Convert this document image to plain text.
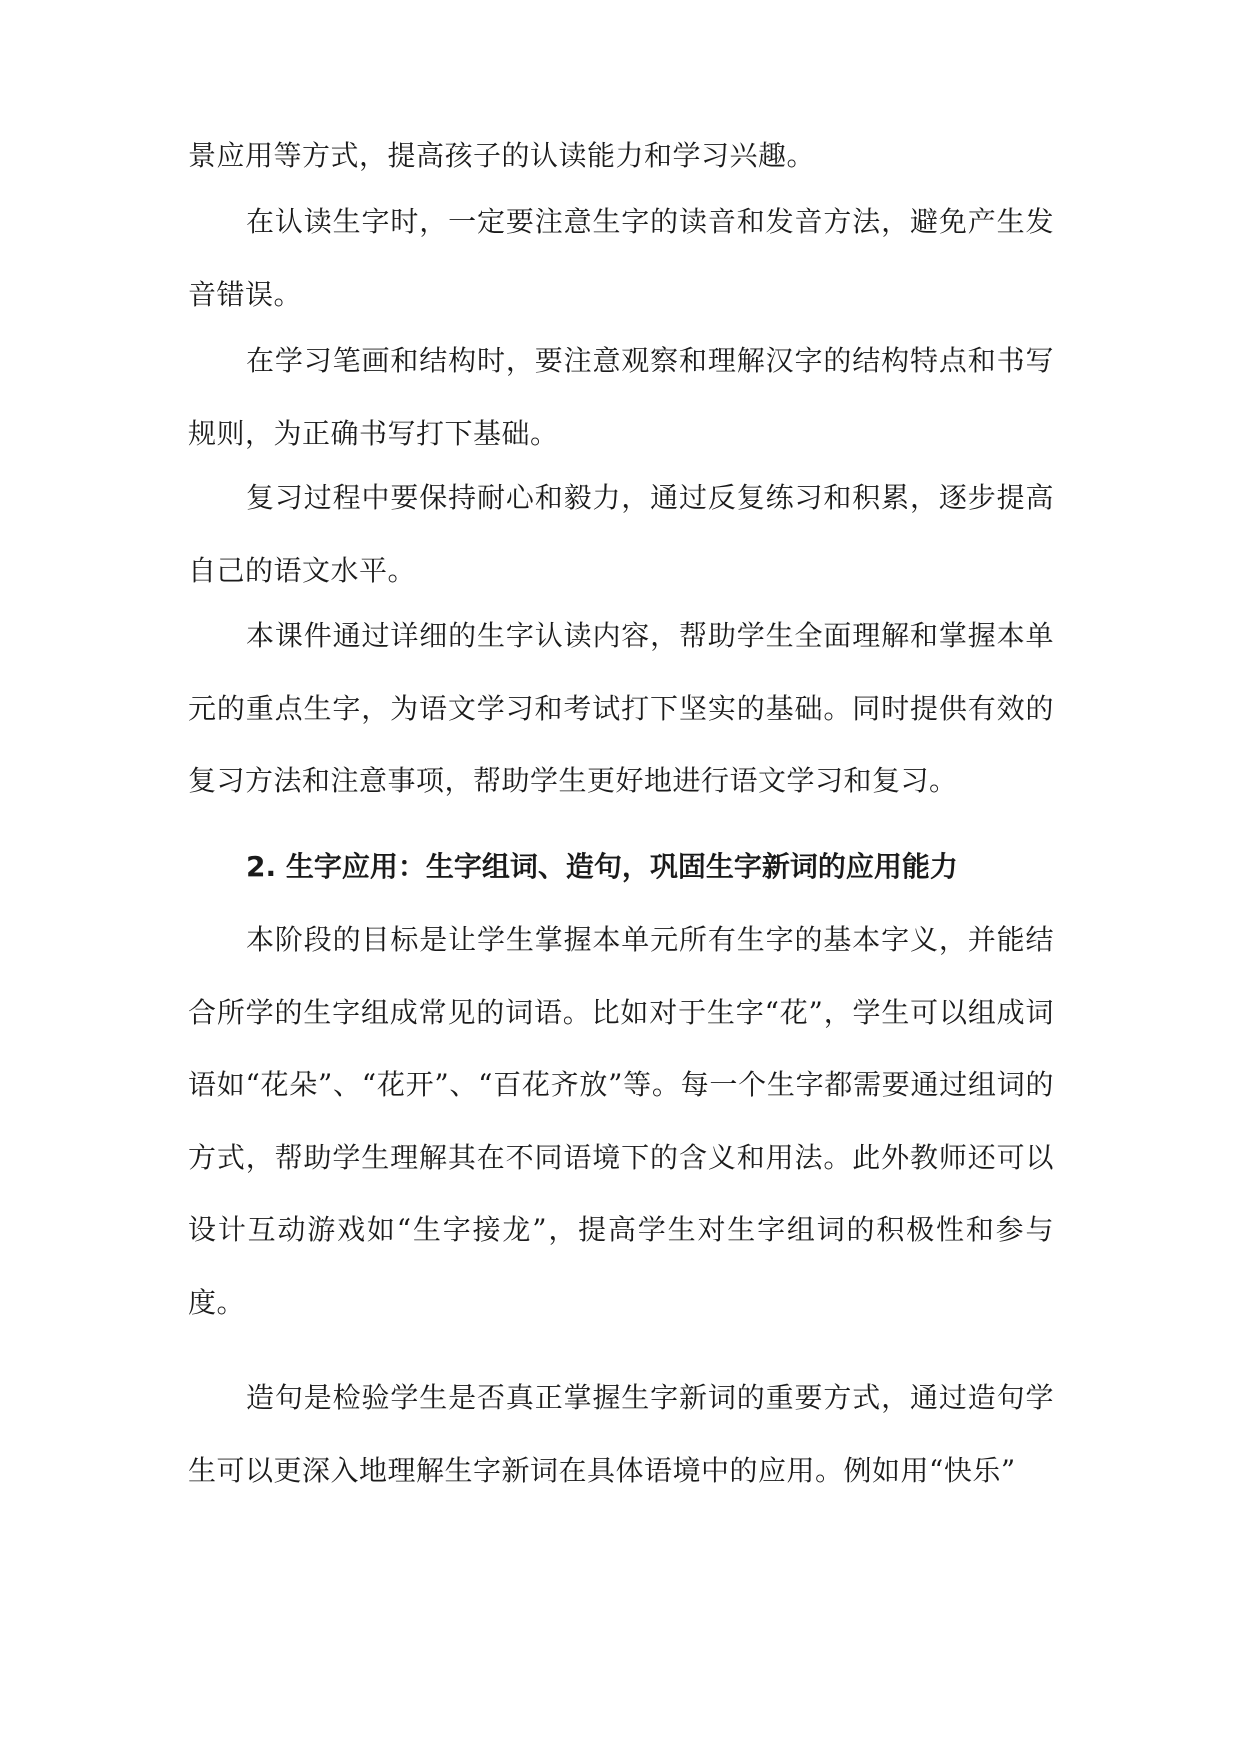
景应用等方式，提高孩子的认读能力和学习兴趣。

在认读生字时，一定要注意生字的读音和发音方法，避免产生发音错误。

在学习笔画和结构时，要注意观察和理解汉字的结构特点和书写规则，为正确书写打下基础。

复习过程中要保持耐心和毅力，通过反复练习和积累，逐步提高自己的语文水平。

本课件通过详细的生字认读内容，帮助学生全面理解和掌握本单元的重点生字，为语文学习和考试打下坚实的基础。同时提供有效的复习方法和注意事项，帮助学生更好地进行语文学习和复习。

2. 生字应用：生字组词、造句，巩固生字新词的应用能力

本阶段的目标是让学生掌握本单元所有生字的基本字义，并能结合所学的生字组成常见的词语。比如对于生字“花”，学生可以组成词语如“花朵”、“花开”、“百花齐放”等。每一个生字都需要通过组词的方式，帮助学生理解其在不同语境下的含义和用法。此外教师还可以设计互动游戏如“生字接龙”，提高学生对生字组词的积极性和参与度。

造句是检验学生是否真正掌握生字新词的重要方式，通过造句学生可以更深入地理解生字新词在具体语境中的应用。例如用“快乐”
